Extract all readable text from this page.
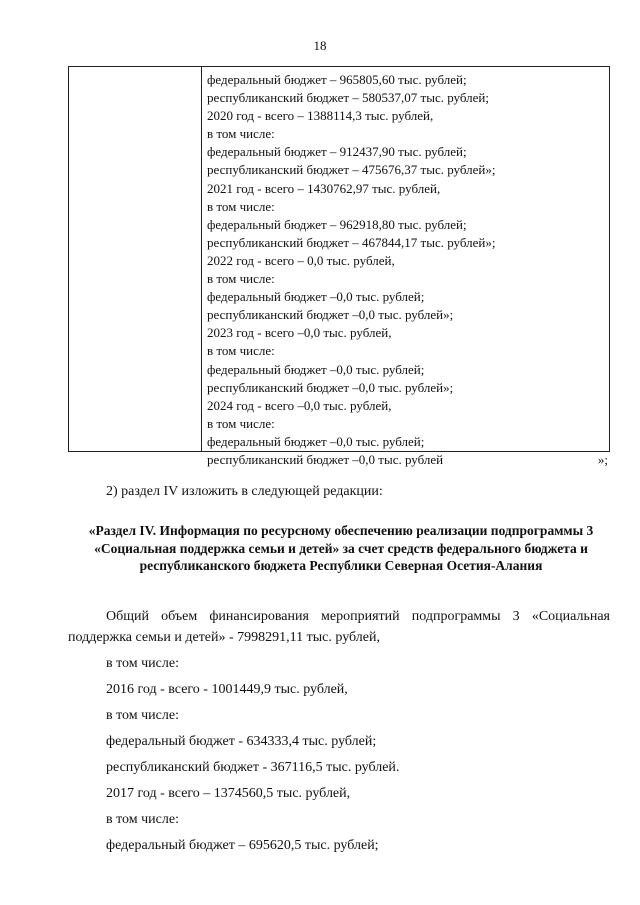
18
федеральный бюджет – 965805,60 тыс. рублей;
республиканский бюджет – 580537,07 тыс. рублей;
2020 год - всего – 1388114,3 тыс. рублей,
в том числе:
федеральный бюджет – 912437,90 тыс. рублей;
республиканский бюджет – 475676,37 тыс. рублей»;
2021 год - всего – 1430762,97 тыс. рублей,
в том числе:
федеральный бюджет – 962918,80 тыс. рублей;
республиканский бюджет – 467844,17 тыс. рублей»;
2022 год - всего – 0,0 тыс. рублей,
в том числе:
федеральный бюджет –0,0 тыс. рублей;
республиканский бюджет –0,0 тыс. рублей»;
2023 год - всего –0,0 тыс. рублей,
в том числе:
федеральный бюджет –0,0 тыс. рублей;
республиканский бюджет –0,0 тыс. рублей»;
2024 год - всего –0,0 тыс. рублей,
в том числе:
федеральный бюджет –0,0 тыс. рублей;
республиканский бюджет –0,0 тыс. рублей	»;
2) раздел IV изложить в следующей редакции:
«Раздел IV. Информация по ресурсному обеспечению реализации подпрограммы 3 «Социальная поддержка семьи и детей» за счет средств федерального бюджета и республиканского бюджета Республики Северная Осетия-Алания
Общий объем финансирования мероприятий подпрограммы 3 «Социальная поддержка семьи и детей» - 7998291,11 тыс. рублей,
в том числе:
2016 год - всего - 1001449,9 тыс. рублей,
в том числе:
федеральный бюджет - 634333,4 тыс. рублей;
республиканский бюджет - 367116,5 тыс. рублей.
2017 год - всего – 1374560,5 тыс. рублей,
в том числе:
федеральный бюджет – 695620,5 тыс. рублей;
